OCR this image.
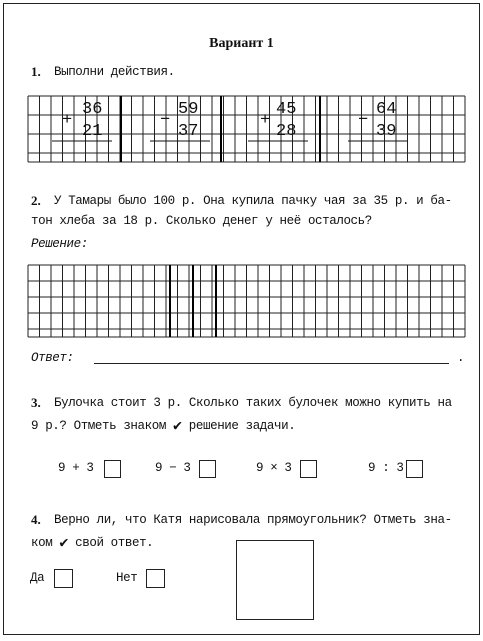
Вариант 1
1. Выполни действия.
36
21
+
59
37
−
45
28
+
64
39
−
2. У Тамары было 100 р. Она купила пачку чая за 35 р. и ба-
тон хлеба за 18 р. Сколько денег у неё осталось?
Решение:
Ответ:	.
3. Булочка стоит 3 р. Сколько таких булочек можно купить на
9 р.? Отметь знаком ✔ решение задачи.
9 + 3	9 − 3	9 × 3	9 : 3
4. Верно ли, что Катя нарисовала прямоугольник? Отметь зна-
ком ✔ свой ответ.
Да	Нет
